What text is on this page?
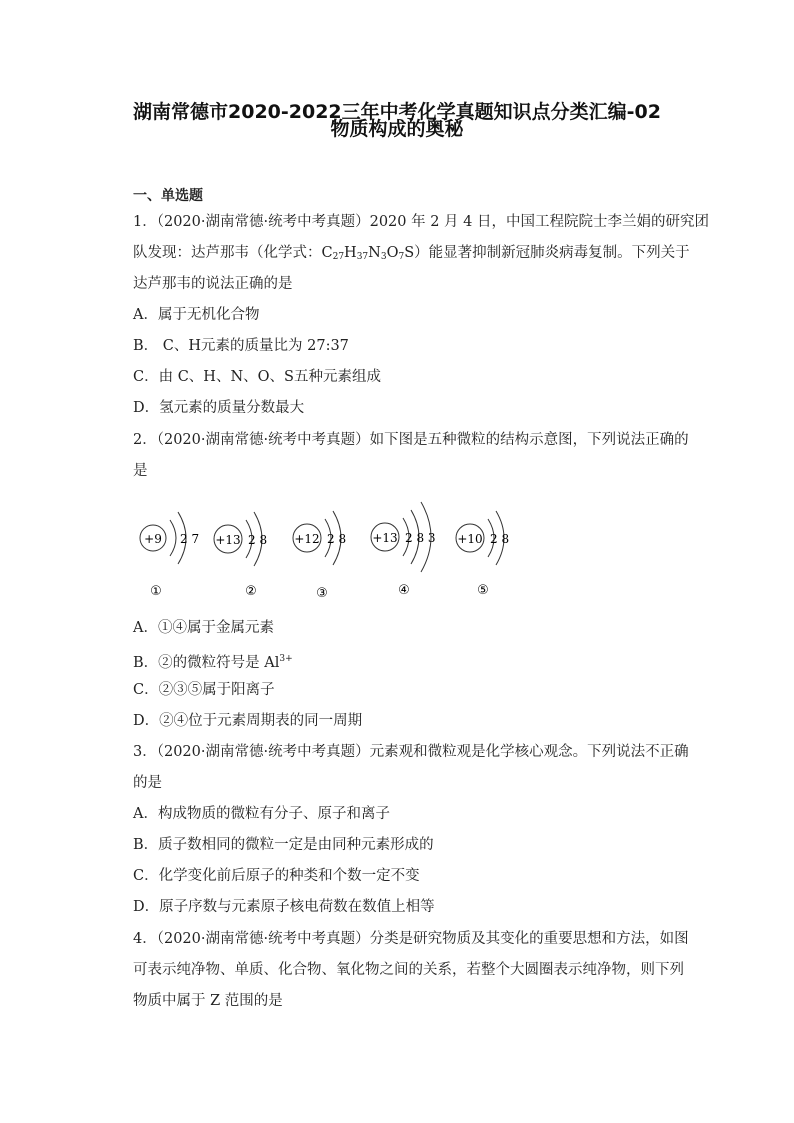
湖南常德市2020-2022三年中考化学真题知识点分类汇编-02
物质构成的奥秘
一、单选题
1．（2020·湖南常德·统考中考真题）2020 年 2 月 4 日，中国工程院院士李兰娟的研究团
队发现：达芦那韦（化学式：$C_{27}H_{37}N_3O_7S$）能显著抑制新冠肺炎病毒复制。下列关于
达芦那韦的说法正确的是
A．属于无机化合物
B． C、H元素的质量比为 27:37
C．由 C、H、N、O、S五种元素组成
D．氢元素的质量分数最大
2．（2020·湖南常德·统考中考真题）如下图是五种微粒的结构示意图，下列说法正确的
是
+9 2 7
①
+13 2 8
②
+12 2 8
③
+13 2 8 3
④
+10 2 8
⑤
A．①④属于金属元素
B．②的微粒符号是 $Al^{3+}$
C．②③⑤属于阳离子
D．②④位于元素周期表的同一周期
3．（2020·湖南常德·统考中考真题）元素观和微粒观是化学核心观念。下列说法不正确
的是
A．构成物质的微粒有分子、原子和离子
B．质子数相同的微粒一定是由同种元素形成的
C．化学变化前后原子的种类和个数一定不变
D．原子序数与元素原子核电荷数在数值上相等
4．（2020·湖南常德·统考中考真题）分类是研究物质及其变化的重要思想和方法，如图
可表示纯净物、单质、化合物、氧化物之间的关系，若整个大圆圈表示纯净物，则下列
物质中属于 Z 范围的是
